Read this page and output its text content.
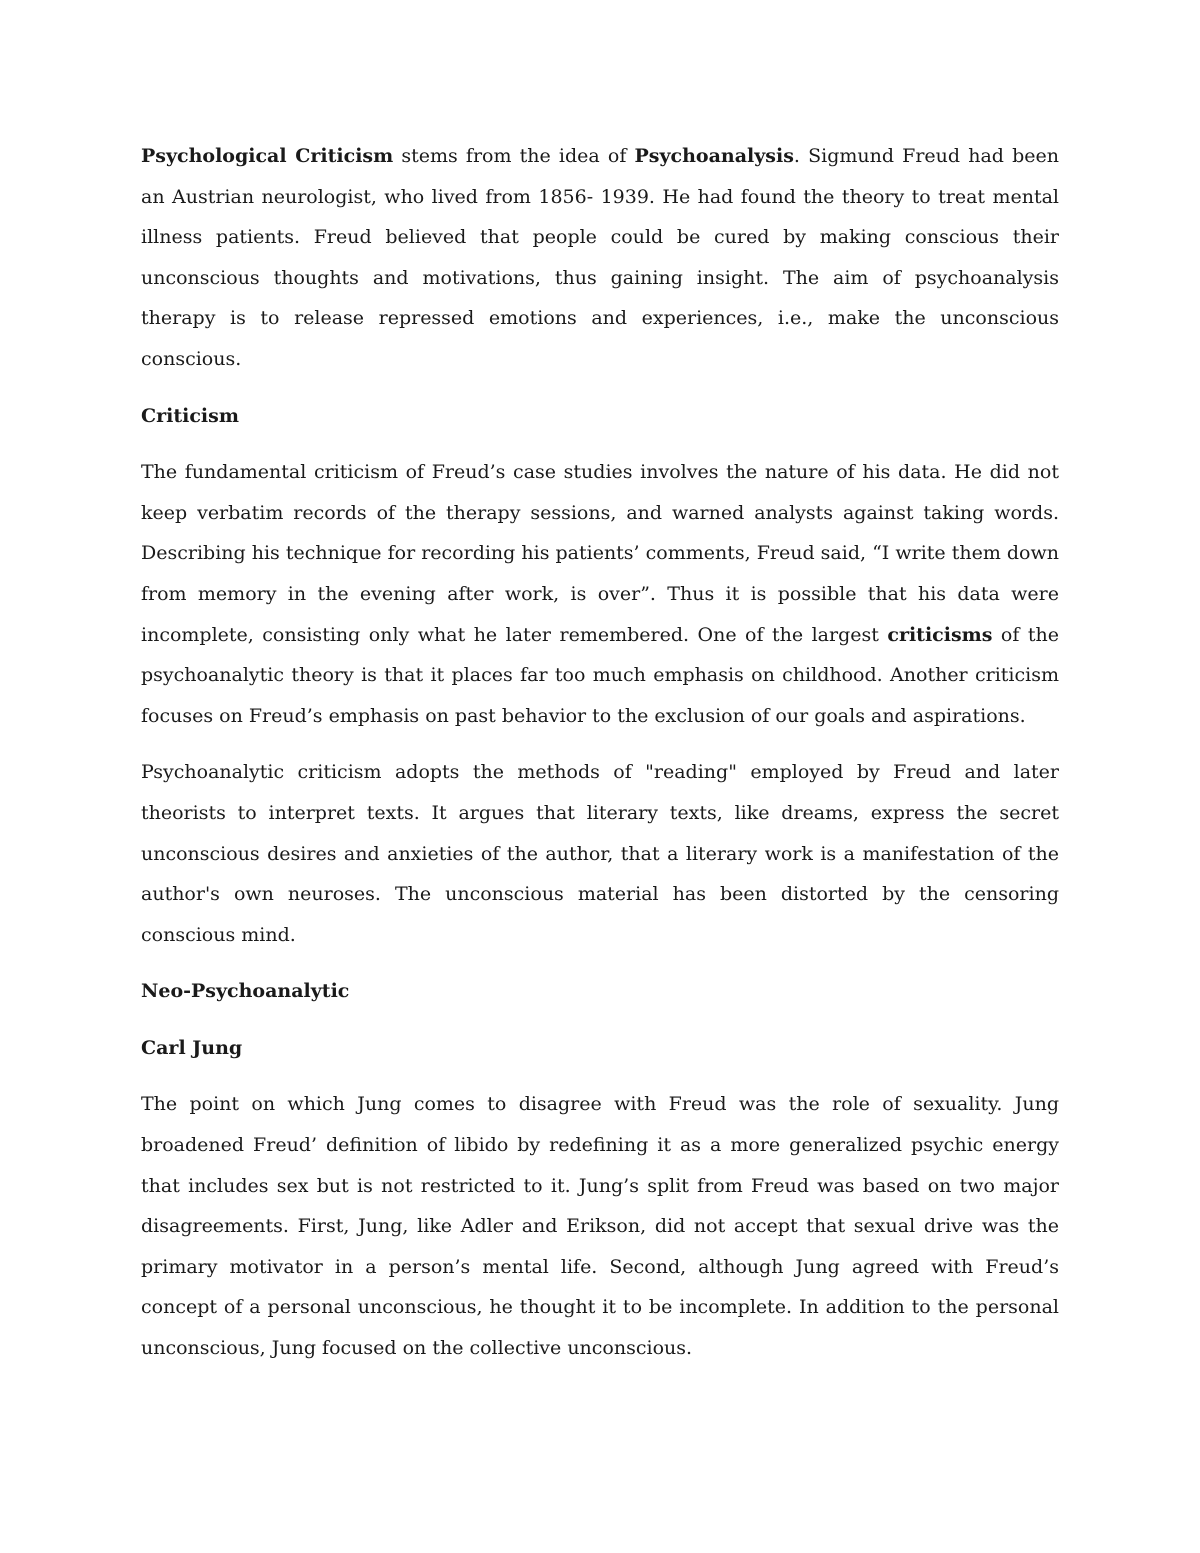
Psychological Criticism stems from the idea of Psychoanalysis. Sigmund Freud had been an Austrian neurologist, who lived from 1856- 1939. He had found the theory to treat mental illness patients. Freud believed that people could be cured by making conscious their unconscious thoughts and motivations, thus gaining insight. The aim of psychoanalysis therapy is to release repressed emotions and experiences, i.e., make the unconscious conscious.

Criticism

The fundamental criticism of Freud’s case studies involves the nature of his data. He did not keep verbatim records of the therapy sessions, and warned analysts against taking words. Describing his technique for recording his patients’ comments, Freud said, “I write them down from memory in the evening after work, is over”. Thus it is possible that his data were incomplete, consisting only what he later remembered. One of the largest criticisms of the psychoanalytic theory is that it places far too much emphasis on childhood. Another criticism focuses on Freud’s emphasis on past behavior to the exclusion of our goals and aspirations.

Psychoanalytic criticism adopts the methods of "reading" employed by Freud and later theorists to interpret texts. It argues that literary texts, like dreams, express the secret unconscious desires and anxieties of the author, that a literary work is a manifestation of the author's own neuroses. The unconscious material has been distorted by the censoring conscious mind.

Neo-Psychoanalytic

Carl Jung

The point on which Jung comes to disagree with Freud was the role of sexuality. Jung broadened Freud’ definition of libido by redefining it as a more generalized psychic energy that includes sex but is not restricted to it. Jung’s split from Freud was based on two major disagreements. First, Jung, like Adler and Erikson, did not accept that sexual drive was the primary motivator in a person’s mental life. Second, although Jung agreed with Freud’s concept of a personal unconscious, he thought it to be incomplete. In addition to the personal unconscious, Jung focused on the collective unconscious.
